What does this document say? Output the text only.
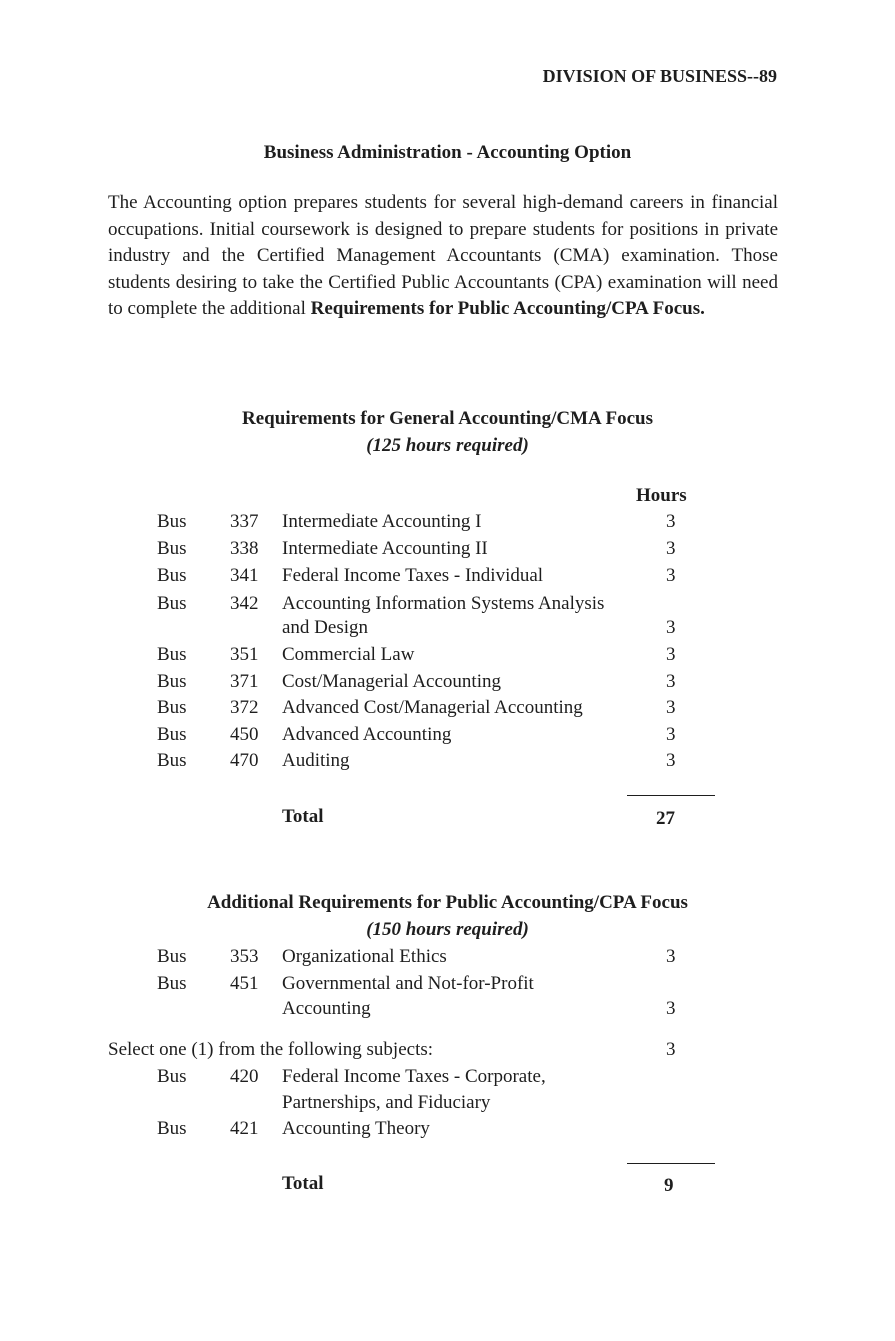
DIVISION OF BUSINESS--89
Business Administration - Accounting Option

The Accounting option prepares students for several high-demand careers in financial occupations. Initial coursework is designed to prepare students for positions in private industry and the Certified Management Accountants (CMA) examination. Those students desiring to take the Certified Public Accountants (CPA) examination will need to complete the additional Requirements for Public Accounting/CPA Focus.

Requirements for General Accounting/CMA Focus
(125 hours required)
Hours
Bus 337 Intermediate Accounting I	3
Bus 338 Intermediate Accounting II	3
Bus 341 Federal Income Taxes - Individual	3
Bus 342 Accounting Information Systems Analysis
and Design	3
Bus 351 Commercial Law	3
Bus 371 Cost/Managerial Accounting	3
Bus 372 Advanced Cost/Managerial Accounting	3
Bus 450 Advanced Accounting	3
Bus 470 Auditing	3
Total	27
Additional Requirements for Public Accounting/CPA Focus
(150 hours required)
Bus 353 Organizational Ethics	3
Bus 451 Governmental and Not-for-Profit
Accounting	3
Select one (1) from the following subjects:	3
Bus 420 Federal Income Taxes - Corporate,
Partnerships, and Fiduciary
Bus 421 Accounting Theory
Total	9
